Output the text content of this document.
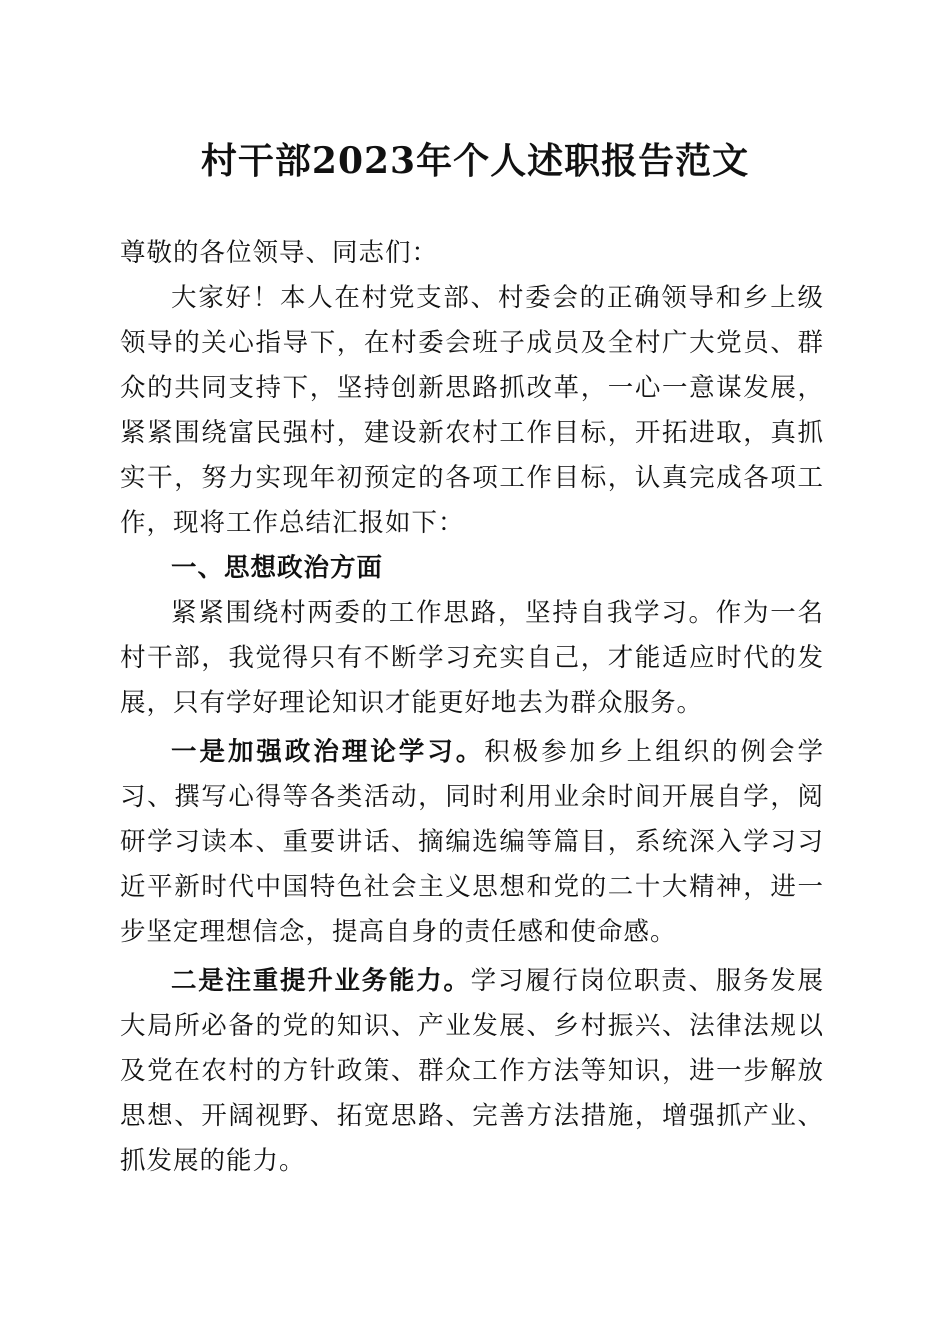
村干部2023年个人述职报告范文

尊敬的各位领导、同志们：

大家好！本人在村党支部、村委会的正确领导和乡上级领导的关心指导下，在村委会班子成员及全村广大党员、群众的共同支持下，坚持创新思路抓改革，一心一意谋发展，紧紧围绕富民强村，建设新农村工作目标，开拓进取，真抓实干，努力实现年初预定的各项工作目标，认真完成各项工作，现将工作总结汇报如下：

一、思想政治方面

紧紧围绕村两委的工作思路，坚持自我学习。作为一名村干部，我觉得只有不断学习充实自己，才能适应时代的发展，只有学好理论知识才能更好地去为群众服务。

一是加强政治理论学习。积极参加乡上组织的例会学习、撰写心得等各类活动，同时利用业余时间开展自学，阅研学习读本、重要讲话、摘编选编等篇目，系统深入学习习近平新时代中国特色社会主义思想和党的二十大精神，进一步坚定理想信念，提高自身的责任感和使命感。

二是注重提升业务能力。学习履行岗位职责、服务发展大局所必备的党的知识、产业发展、乡村振兴、法律法规以及党在农村的方针政策、群众工作方法等知识，进一步解放思想、开阔视野、拓宽思路、完善方法措施，增强抓产业、抓发展的能力。
